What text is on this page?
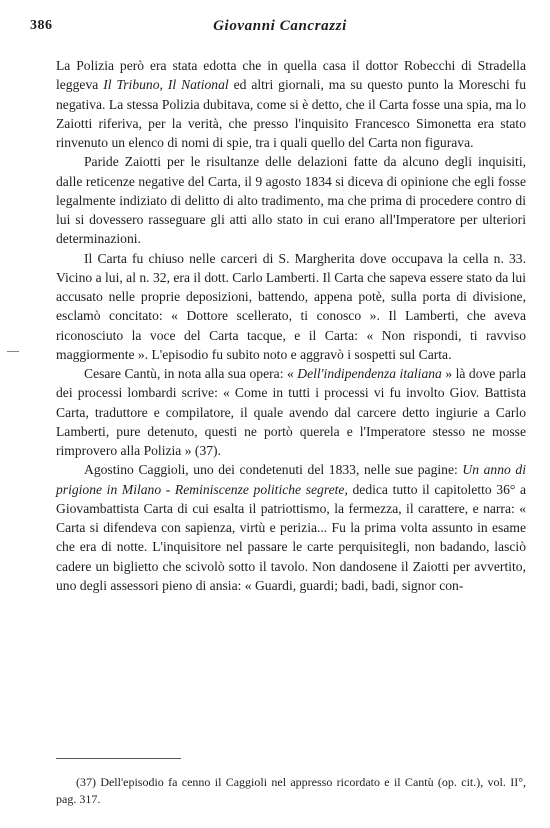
386	Giovanni Cancrazzi
—

La Polizia però era stata edotta che in quella casa il dottor Robecchi di Stradella leggeva Il Tribuno, Il National ed altri giornali, ma su questo punto la Moreschi fu negativa. La stessa Polizia dubitava, come si è detto, che il Carta fosse una spia, ma lo Zaiotti riferiva, per la verità, che presso l'inquisito Francesco Simonetta era stato rinvenuto un elenco di nomi di spie, tra i quali quello del Carta non figurava.

Paride Zaiotti per le risultanze delle delazioni fatte da alcuno degli inquisiti, dalle reticenze negative del Carta, il 9 agosto 1834 si diceva di opinione che egli fosse legalmente indiziato di delitto di alto tradimento, ma che prima di procedere contro di lui si dovessero rasseguare gli atti allo stato in cui erano all'Imperatore per ulteriori determinazioni.

Il Carta fu chiuso nelle carceri di S. Margherita dove occupava la cella n. 33. Vicino a lui, al n. 32, era il dott. Carlo Lamberti. Il Carta che sapeva essere stato da lui accusato nelle proprie deposizioni, battendo, appena potè, sulla porta di divisione, esclamò concitato: « Dottore scellerato, ti conosco ». Il Lamberti, che aveva riconosciuto la voce del Carta tacque, e il Carta: « Non rispondi, ti ravviso maggiormente ». L'episodio fu subito noto e aggravò i sospetti sul Carta.

Cesare Cantù, in nota alla sua opera: « Dell'indipendenza italiana » là dove parla dei processi lombardi scrive: « Come in tutti i processi vi fu involto Giov. Battista Carta, traduttore e compilatore, il quale avendo dal carcere detto ingiurie a Carlo Lamberti, pure detenuto, questi ne portò querela e l'Imperatore stesso ne mosse rimprovero alla Polizia » (37).

Agostino Caggioli, uno dei condetenuti del 1833, nelle sue pagine: Un anno di prigione in Milano - Reminiscenze politiche segrete, dedica tutto il capitoletto 36° a Giovambattista Carta di cui esalta il patriottismo, la fermezza, il carattere, e narra: « Carta si difendeva con sapienza, virtù e perizia... Fu la prima volta assunto in esame che era di notte. L'inquisitore nel passare le carte perquisitegli, non badando, lasciò cadere un biglietto che scivolò sotto il tavolo. Non dandosene il Zaiotti per avvertito, uno degli assessori pieno di ansia: « Guardi, guardi; badi, badi, signor con-

(37) Dell'episodio fa cenno il Caggioli nel appresso ricordato e il Cantù (op. cit.), vol. II°, pag. 317.
